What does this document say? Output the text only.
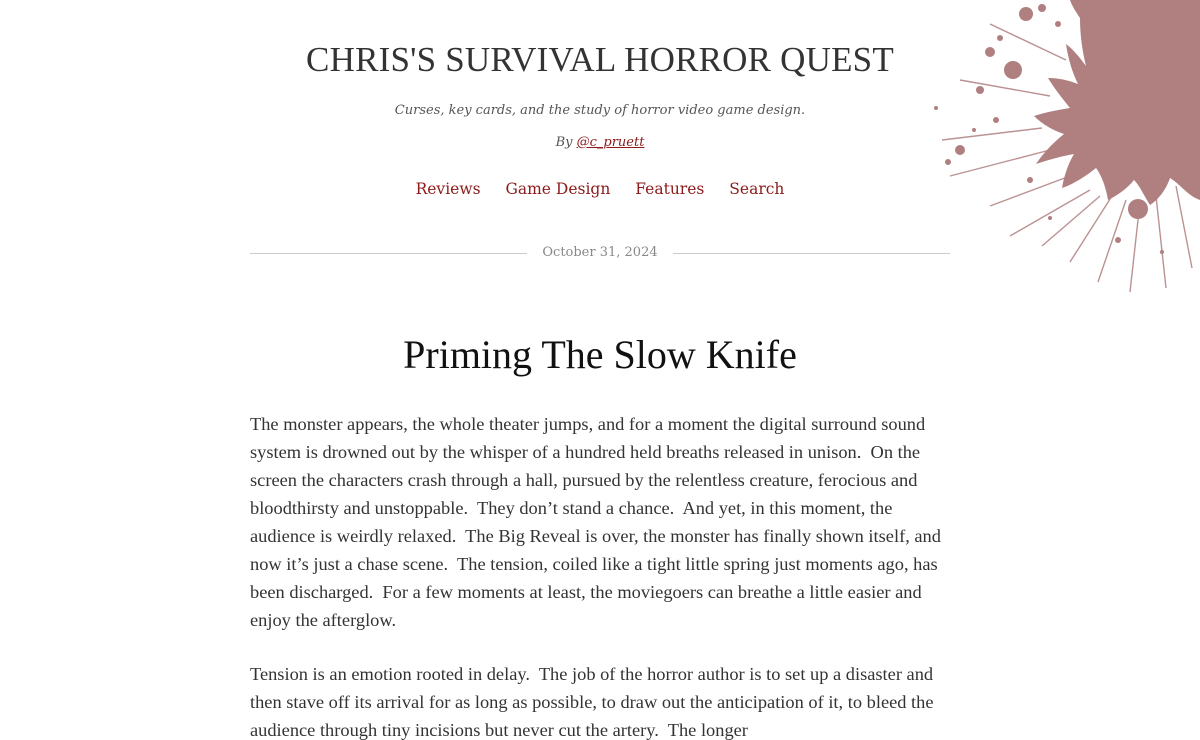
CHRIS'S SURVIVAL HORROR QUEST
Curses, key cards, and the study of horror video game design.
By @c_pruett
Reviews Game Design Features Search
October 31, 2024
Priming The Slow Knife

The monster appears, the whole theater jumps, and for a moment the digital surround sound system is drowned out by the whisper of a hundred held breaths released in unison.  On the screen the characters crash through a hall, pursued by the relentless creature, ferocious and bloodthirsty and unstoppable.  They don’t stand a chance.  And yet, in this moment, the audience is weirdly relaxed.  The Big Reveal is over, the monster has finally shown itself, and now it’s just a chase scene.  The tension, coiled like a tight little spring just moments ago, has been discharged.  For a few moments at least, the moviegoers can breathe a little easier and enjoy the afterglow.

Tension is an emotion rooted in delay.  The job of the horror author is to set up a disaster and then stave off its arrival for as long as possible, to draw out the anticipation of it, to bleed the audience through tiny incisions but never cut the artery.  The longer
